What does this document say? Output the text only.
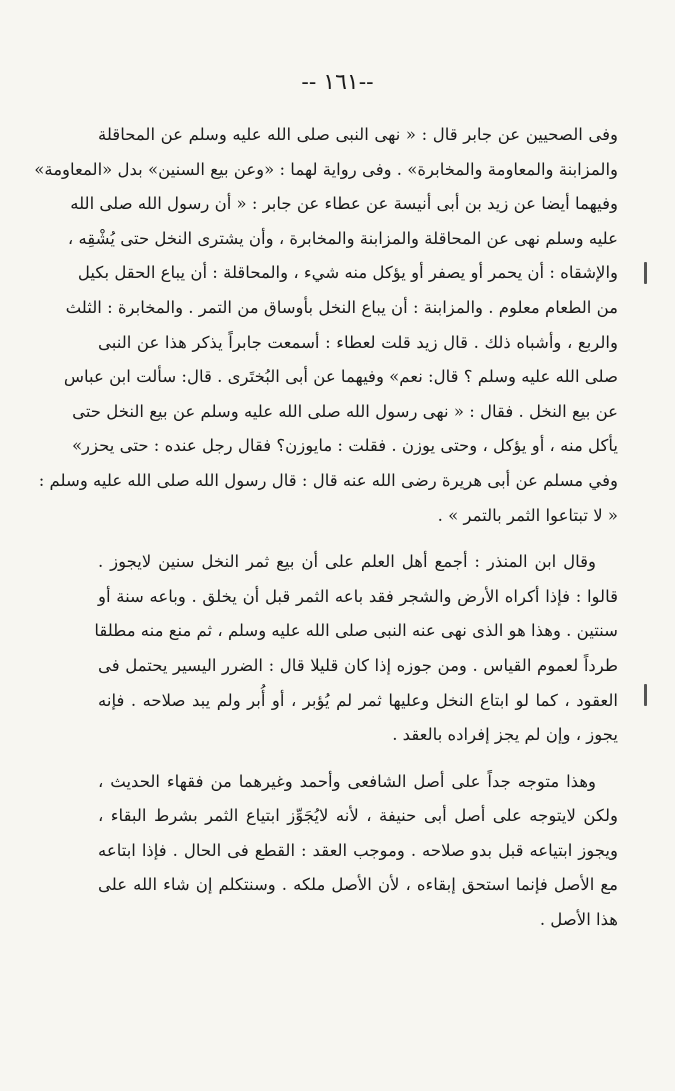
-- ١٦١--
وفى الصحيين عن جابر قال : « نهى النبى صلى الله عليه وسلم عن المحاقلة
والمزابنة والمعاومة والمخابرة» . وفى رواية لهما : «وعن بيع السنين» بدل «المعاومة»
وفيهما أيضا عن زيد بن أبى أنيسة عن عطاء عن جابر : « أن رسول الله صلى الله
عليه وسلم نهى عن المحاقلة والمزابنة والمخابرة ، وأن يشترى النخل حتى يُشْقِه ،
والإشقاه : أن يحمر أو يصفر أو يؤكل منه شيء ، والمحاقلة : أن يباع الحقل بكيل
من الطعام معلوم . والمزابنة : أن يباع النخل بأوساق من التمر . والمخابرة : الثلث
والربع ، وأشباه ذلك . قال زيد قلت لعطاء : أسمعت جابراً يذكر هذا عن النبى
صلى الله عليه وسلم ؟ قال: نعم» وفيهما عن أبى البُختَرى . قال: سألت ابن عباس
عن بيع النخل . فقال : « نهى رسول الله صلى الله عليه وسلم عن بيع النخل حتى
يأكل منه ، أو يؤكل ، وحتى يوزن . فقلت : مايوزن؟ فقال رجل عنده : حتى يحزر»
وفي مسلم عن أبى هريرة رضى الله عنه قال : قال رسول الله صلى الله عليه وسلم :
« لا تبتاعوا الثمر بالتمر » .
وقال ابن المنذر : أجمع أهل العلم على أن بيع ثمر النخل سنين لايجوز .
قالوا : فإذا أكراه الأرض والشجر فقد باعه الثمر قبل أن يخلق . وباعه سنة أو
سنتين . وهذا هو الذى نهى عنه النبى صلى الله عليه وسلم ، ثم منع منه مطلقا
طرداً لعموم القياس . ومن جوزه إذا كان قليلا قال : الضرر اليسير يحتمل فى
العقود ، كما لو ابتاع النخل وعليها ثمر لم يُؤبر ، أو أُبر ولم يبد صلاحه . فإنه
يجوز ، وإن لم يجز إفراده بالعقد .
وهذا متوجه جداً على أصل الشافعى وأحمد وغيرهما من فقهاء الحديث ،
ولكن لايتوجه على أصل أبى حنيفة ، لأنه لايُجَوِّز ابتياع الثمر بشرط البقاء ،
ويجوز ابتياعه قبل بدو صلاحه . وموجب العقد : القطع فى الحال . فإذا ابتاعه
مع الأصل فإنما استحق إبقاءه ، لأن الأصل ملكه . وسنتكلم إن شاء الله على
هذا الأصل .
